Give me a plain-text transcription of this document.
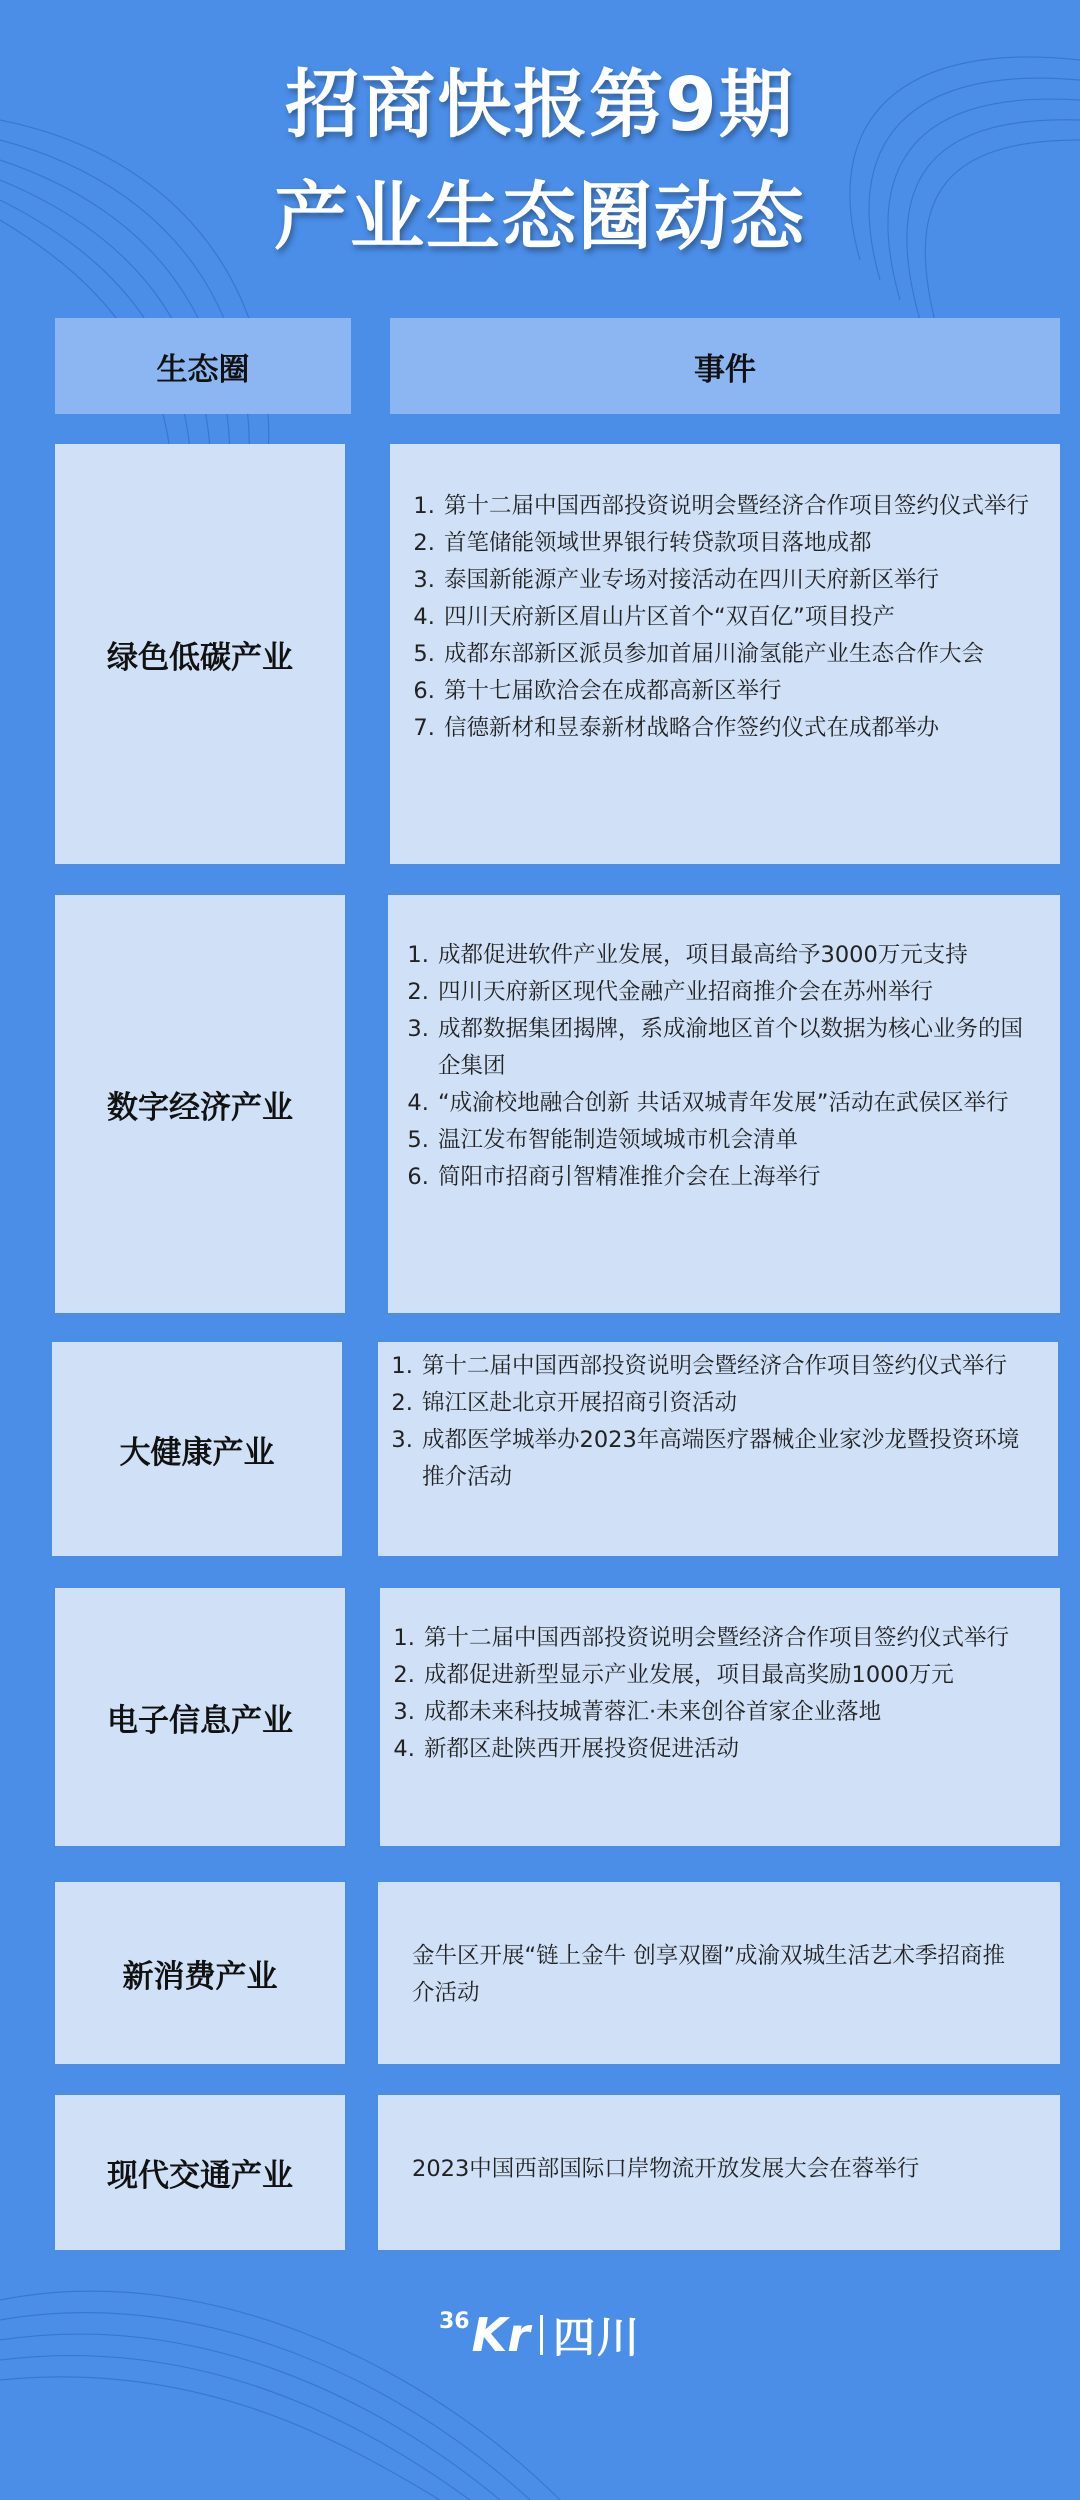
招商快报第9期
产业生态圈动态
生态圈	事件
绿色低碳产业
1. 第十二届中国西部投资说明会暨经济合作项目签约仪式举行
2. 首笔储能领域世界银行转贷款项目落地成都
3. 泰国新能源产业专场对接活动在四川天府新区举行
4. 四川天府新区眉山片区首个“双百亿”项目投产
5. 成都东部新区派员参加首届川渝氢能产业生态合作大会
6. 第十七届欧洽会在成都高新区举行
7. 信德新材和昱泰新材战略合作签约仪式在成都举办
数字经济产业
1. 成都促进软件产业发展，项目最高给予3000万元支持
2. 四川天府新区现代金融产业招商推介会在苏州举行
3. 成都数据集团揭牌，系成渝地区首个以数据为核心业务的国企集团
4. “成渝校地融合创新 共话双城青年发展”活动在武侯区举行
5. 温江发布智能制造领域城市机会清单
6. 简阳市招商引智精准推介会在上海举行
大健康产业
1. 第十二届中国西部投资说明会暨经济合作项目签约仪式举行
2. 锦江区赴北京开展招商引资活动
3. 成都医学城举办2023年高端医疗器械企业家沙龙暨投资环境推介活动
电子信息产业
1. 第十二届中国西部投资说明会暨经济合作项目签约仪式举行
2. 成都促进新型显示产业发展，项目最高奖励1000万元
3. 成都未来科技城菁蓉汇·未来创谷首家企业落地
4. 新都区赴陕西开展投资促进活动
新消费产业

金牛区开展“链上金牛 创享双圈”成渝双城生活艺术季招商推介活动

现代交通产业	2023中国西部国际口岸物流开放发展大会在蓉举行

36 Kr 四川
